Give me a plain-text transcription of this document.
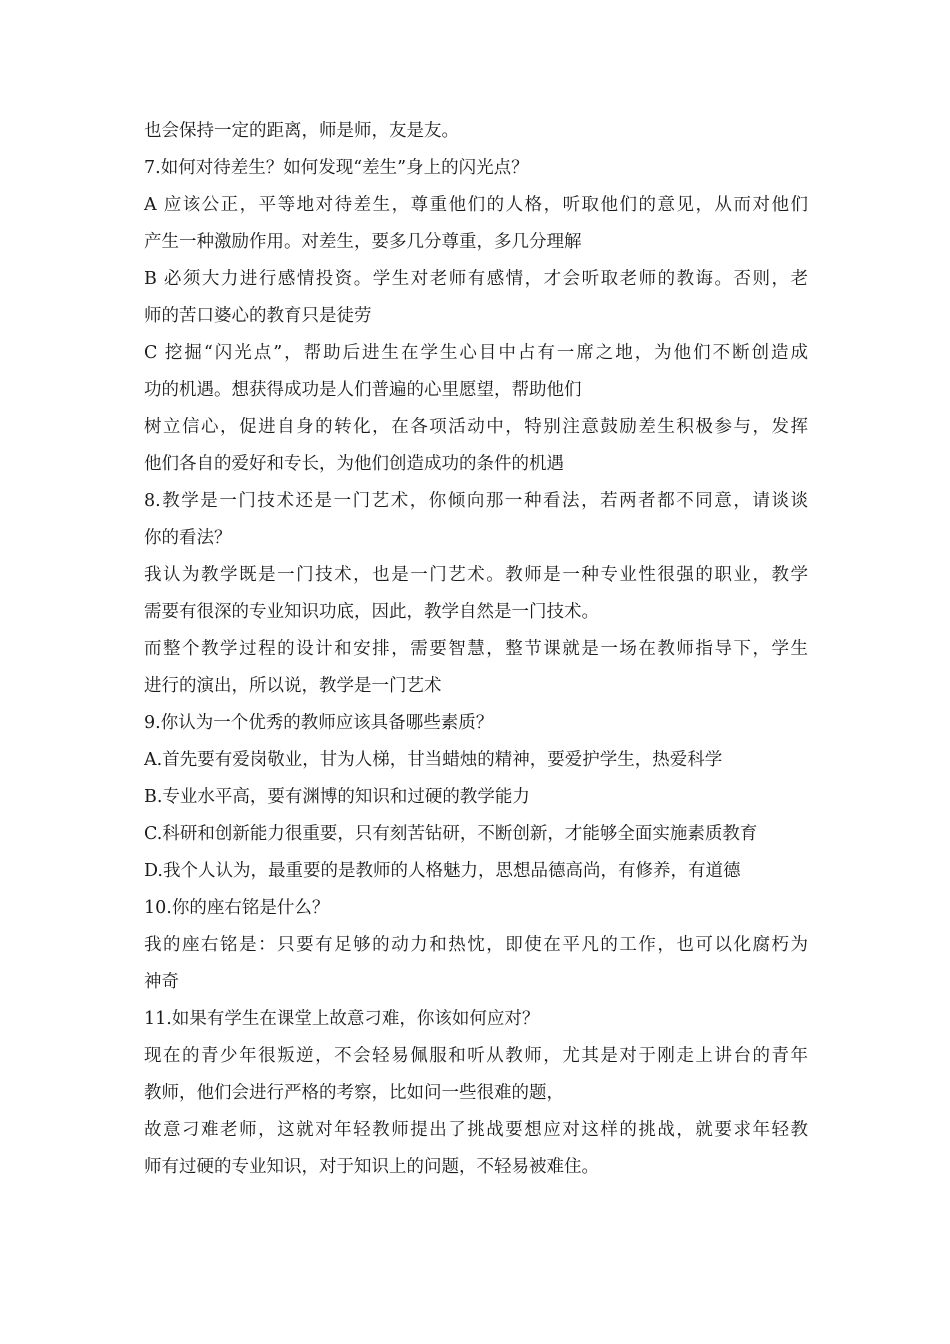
也会保持一定的距离，师是师，友是友。
7.如何对待差生？如何发现“差生”身上的闪光点？
A 应该公正，平等地对待差生，尊重他们的人格，听取他们的意见，从而对他们
产生一种激励作用。对差生，要多几分尊重，多几分理解
B 必须大力进行感情投资。学生对老师有感情，才会听取老师的教诲。否则，老
师的苦口婆心的教育只是徒劳
C 挖掘“闪光点”，帮助后进生在学生心目中占有一席之地，为他们不断创造成
功的机遇。想获得成功是人们普遍的心里愿望，帮助他们
树立信心，促进自身的转化，在各项活动中，特别注意鼓励差生积极参与，发挥
他们各自的爱好和专长，为他们创造成功的条件的机遇
8.教学是一门技术还是一门艺术，你倾向那一种看法，若两者都不同意，请谈谈
你的看法？
我认为教学既是一门技术，也是一门艺术。教师是一种专业性很强的职业，教学
需要有很深的专业知识功底，因此，教学自然是一门技术。
而整个教学过程的设计和安排，需要智慧，整节课就是一场在教师指导下，学生
进行的演出，所以说，教学是一门艺术
9.你认为一个优秀的教师应该具备哪些素质？
A.首先要有爱岗敬业，甘为人梯，甘当蜡烛的精神，要爱护学生，热爱科学
B.专业水平高，要有渊博的知识和过硬的教学能力
C.科研和创新能力很重要，只有刻苦钻研，不断创新，才能够全面实施素质教育
D.我个人认为，最重要的是教师的人格魅力，思想品德高尚，有修养，有道德
10.你的座右铭是什么？
我的座右铭是：只要有足够的动力和热忱，即使在平凡的工作，也可以化腐朽为
神奇
11.如果有学生在课堂上故意刁难，你该如何应对？
现在的青少年很叛逆，不会轻易佩服和听从教师，尤其是对于刚走上讲台的青年
教师，他们会进行严格的考察，比如问一些很难的题，
故意刁难老师，这就对年轻教师提出了挑战要想应对这样的挑战，就要求年轻教
师有过硬的专业知识，对于知识上的问题，不轻易被难住。
